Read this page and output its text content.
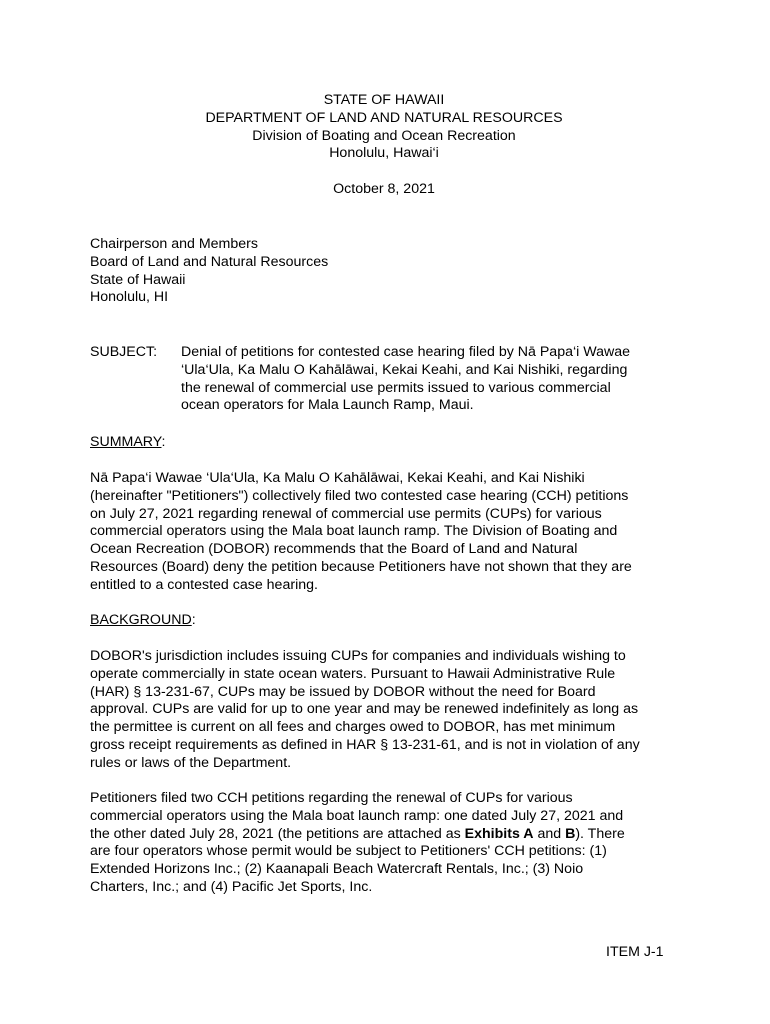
STATE OF HAWAII
DEPARTMENT OF LAND AND NATURAL RESOURCES
Division of Boating and Ocean Recreation
Honolulu, Hawai‘i
October 8, 2021
Chairperson and Members
Board of Land and Natural Resources
State of Hawaii
Honolulu, HI
SUBJECT: Denial of petitions for contested case hearing filed by Nā Papa‘i Wawae
‘Ula‘Ula, Ka Malu O Kahālāwai, Kekai Keahi, and Kai Nishiki, regarding
the renewal of commercial use permits issued to various commercial
ocean operators for Mala Launch Ramp, Maui.
SUMMARY:
Nā Papa‘i Wawae ‘Ula‘Ula, Ka Malu O Kahālāwai, Kekai Keahi, and Kai Nishiki
(hereinafter "Petitioners") collectively filed two contested case hearing (CCH) petitions
on July 27, 2021 regarding renewal of commercial use permits (CUPs) for various
commercial operators using the Mala boat launch ramp. The Division of Boating and
Ocean Recreation (DOBOR) recommends that the Board of Land and Natural
Resources (Board) deny the petition because Petitioners have not shown that they are
entitled to a contested case hearing.
BACKGROUND:
DOBOR's jurisdiction includes issuing CUPs for companies and individuals wishing to
operate commercially in state ocean waters. Pursuant to Hawaii Administrative Rule
(HAR) § 13-231-67, CUPs may be issued by DOBOR without the need for Board
approval. CUPs are valid for up to one year and may be renewed indefinitely as long as
the permittee is current on all fees and charges owed to DOBOR, has met minimum
gross receipt requirements as defined in HAR § 13-231-61, and is not in violation of any
rules or laws of the Department.
Petitioners filed two CCH petitions regarding the renewal of CUPs for various
commercial operators using the Mala boat launch ramp: one dated July 27, 2021 and
the other dated July 28, 2021 (the petitions are attached as Exhibits A and B). There
are four operators whose permit would be subject to Petitioners' CCH petitions: (1)
Extended Horizons Inc.; (2) Kaanapali Beach Watercraft Rentals, Inc.; (3) Noio
Charters, Inc.; and (4) Pacific Jet Sports, Inc.
ITEM J-1
